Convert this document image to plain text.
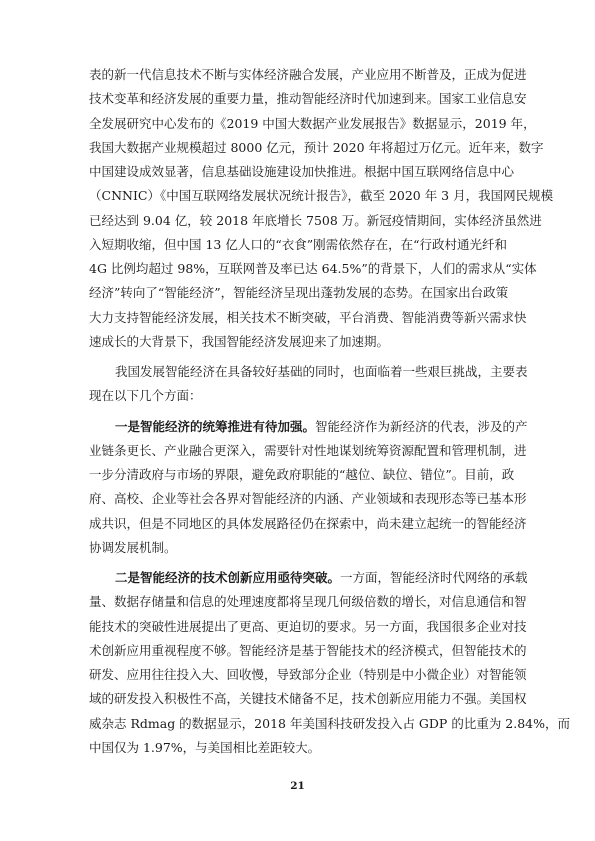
表的新一代信息技术不断与实体经济融合发展，产业应用不断普及，正成为促进
技术变革和经济发展的重要力量，推动智能经济时代加速到来。国家工业信息安
全发展研究中心发布的《2019 中国大数据产业发展报告》数据显示，2019 年，
我国大数据产业规模超过 8000 亿元，预计 2020 年将超过万亿元。近年来，数字
中国建设成效显著，信息基础设施建设加快推进。根据中国互联网络信息中心
（CNNIC）《中国互联网络发展状况统计报告》，截至 2020 年 3 月，我国网民规模
已经达到 9.04 亿，较 2018 年底增长 7508 万。新冠疫情期间，实体经济虽然进
入短期收缩，但中国 13 亿人口的“衣食”刚需依然存在，在“行政村通光纤和
4G 比例均超过 98%，互联网普及率已达 64.5%”的背景下，人们的需求从“实体
经济”转向了“智能经济”，智能经济呈现出蓬勃发展的态势。在国家出台政策
大力支持智能经济发展，相关技术不断突破，平台消费、智能消费等新兴需求快
速成长的大背景下，我国智能经济发展迎来了加速期。
我国发展智能经济在具备较好基础的同时，也面临着一些艰巨挑战，主要表
现在以下几个方面：
一是智能经济的统筹推进有待加强。智能经济作为新经济的代表，涉及的产
业链条更长、产业融合更深入，需要针对性地谋划统筹资源配置和管理机制，进
一步分清政府与市场的界限，避免政府职能的“越位、缺位、错位”。目前，政
府、高校、企业等社会各界对智能经济的内涵、产业领域和表现形态等已基本形
成共识，但是不同地区的具体发展路径仍在探索中，尚未建立起统一的智能经济
协调发展机制。
二是智能经济的技术创新应用亟待突破。一方面，智能经济时代网络的承载
量、数据存储量和信息的处理速度都将呈现几何级倍数的增长，对信息通信和智
能技术的突破性进展提出了更高、更迫切的要求。另一方面，我国很多企业对技
术创新应用重视程度不够。智能经济是基于智能技术的经济模式，但智能技术的
研发、应用往往投入大、回收慢，导致部分企业（特别是中小微企业）对智能领
域的研发投入积极性不高，关键技术储备不足，技术创新应用能力不强。美国权
威杂志 Rdmag 的数据显示，2018 年美国科技研发投入占 GDP 的比重为 2.84%，而
中国仅为 1.97%，与美国相比差距较大。
21
